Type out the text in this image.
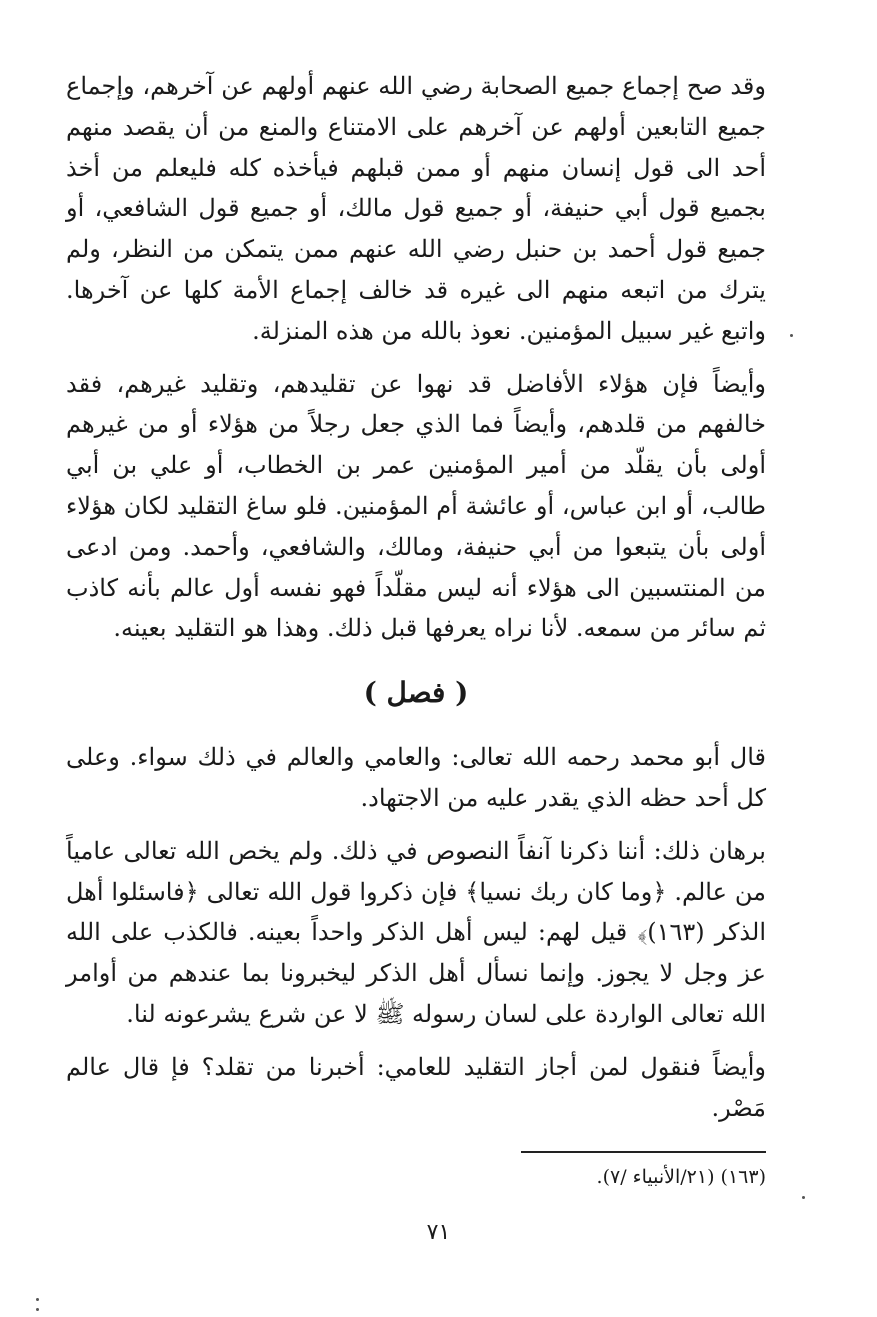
وقد صح إجماع جميع الصحابة رضي الله عنهم أولهم عن آخرهم، وإجماع جميع التابعين أولهم عن آخرهم على الامتناع والمنع من أن يقصد منهم أحد الى قول إنسان منهم أو ممن قبلهم فيأخذه كله فليعلم من أخذ بجميع قول أبي حنيفة، أو جميع قول مالك، أو جميع قول الشافعي، أو جميع قول أحمد بن حنبل رضي الله عنهم ممن يتمكن من النظر، ولم يترك من اتبعه منهم الى غيره قد خالف إجماع الأمة كلها عن آخرها. واتبع غير سبيل المؤمنين. نعوذ بالله من هذه المنزلة.

وأيضاً فإن هؤلاء الأفاضل قد نهوا عن تقليدهم، وتقليد غيرهم، فقد خالفهم من قلدهم، وأيضاً فما الذي جعل رجلاً من هؤلاء أو من غيرهم أولى بأن يقلّد من أمير المؤمنين عمر بن الخطاب، أو علي بن أبي طالب، أو ابن عباس، أو عائشة أم المؤمنين. فلو ساغ التقليد لكان هؤلاء أولى بأن يتبعوا من أبي حنيفة، ومالك، والشافعي، وأحمد. ومن ادعى من المنتسبين الى هؤلاء أنه ليس مقلّداً فهو نفسه أول عالم بأنه كاذب ثم سائر من سمعه. لأنا نراه يعرفها قبل ذلك. وهذا هو التقليد بعينه.

( فصل )

قال أبو محمد رحمه الله تعالى: والعامي والعالم في ذلك سواء. وعلى كل أحد حظه الذي يقدر عليه من الاجتهاد.

برهان ذلك: أننا ذكرنا آنفاً النصوص في ذلك. ولم يخص الله تعالى عامياً من عالم. ﴿وما كان ربك نسيا﴾ فإن ذكروا قول الله تعالى ﴿فاسئلوا أهل الذكر (١٦٣)﴾ قيل لهم: ليس أهل الذكر واحداً بعينه. فالكذب على الله عز وجل لا يجوز. وإنما نسأل أهل الذكر ليخبرونا بما عندهم من أوامر الله تعالى الواردة على لسان رسوله ﷺ لا عن شرع يشرعونه لنا.

وأيضاً فنقول لمن أجاز التقليد للعامي: أخبرنا من تقلد؟ فإ قال عالم مَصْر.

(١٦٣) (٢١/الأنبياء /٧).

٧١
